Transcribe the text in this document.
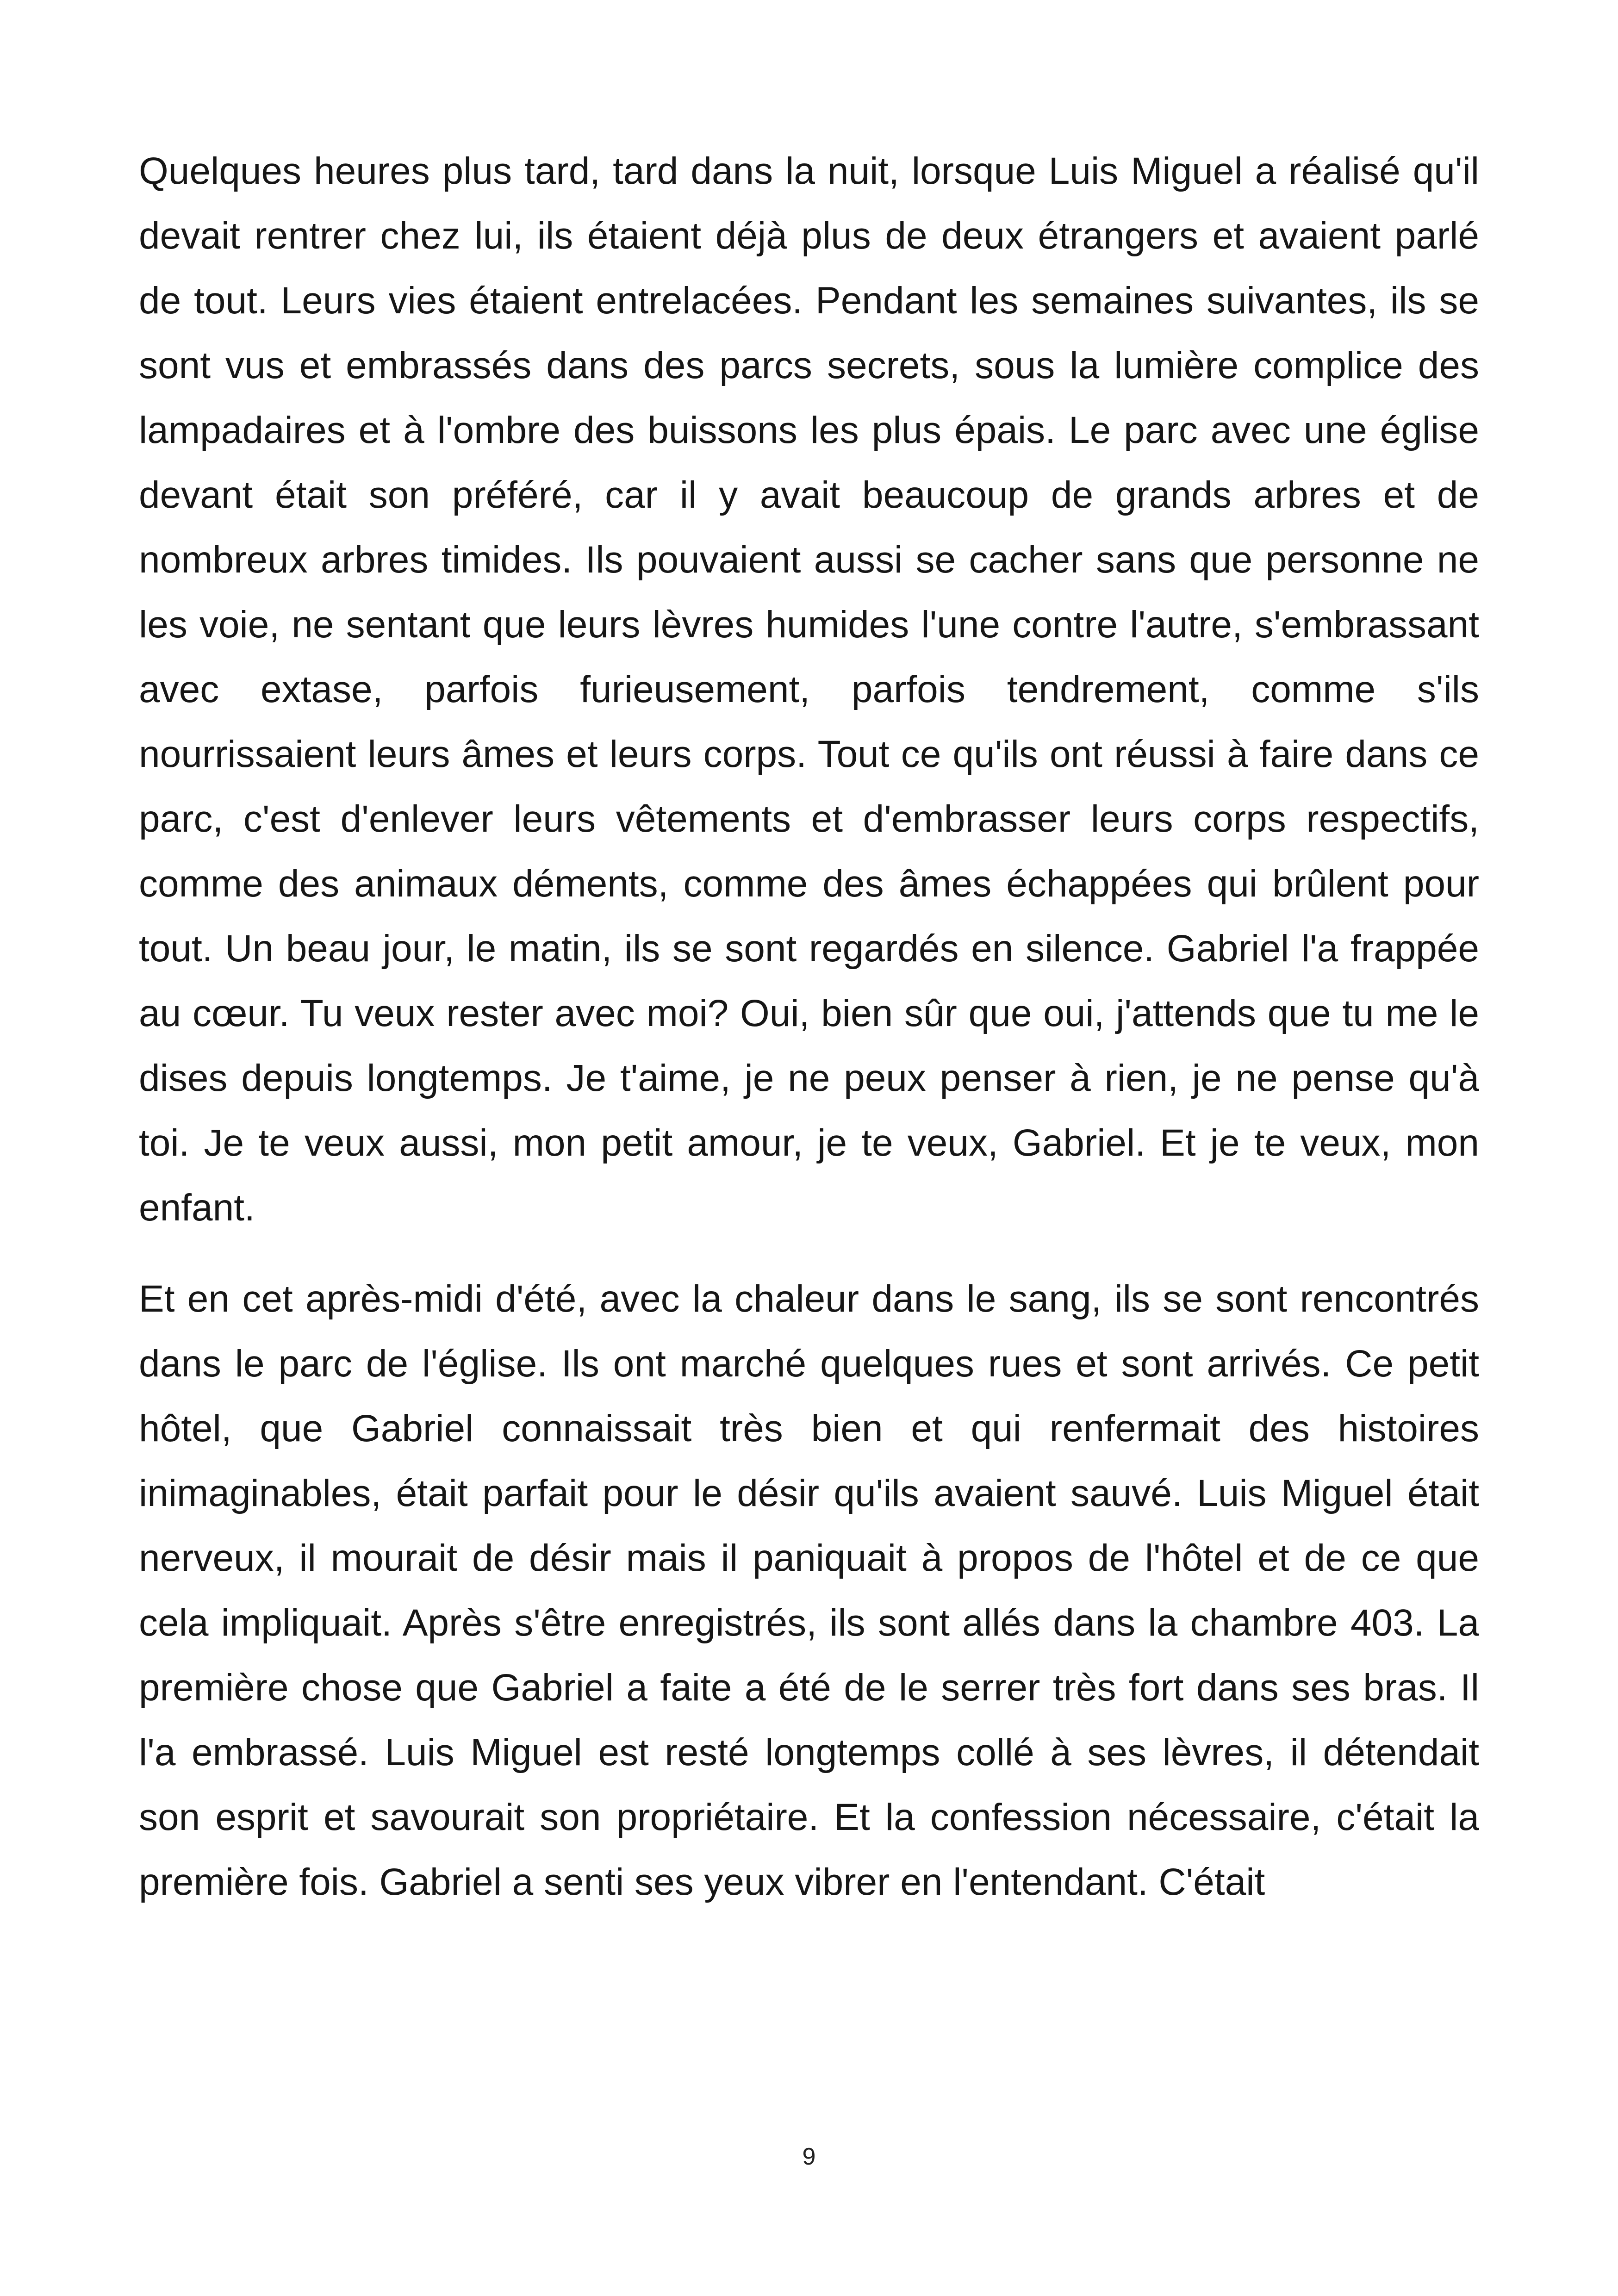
Quelques heures plus tard, tard dans la nuit, lorsque Luis Miguel a réalisé qu'il devait rentrer chez lui, ils étaient déjà plus de deux étrangers et avaient parlé de tout. Leurs vies étaient entrelacées. Pendant les semaines suivantes, ils se sont vus et embrassés dans des parcs secrets, sous la lumière complice des lampadaires et à l'ombre des buissons les plus épais. Le parc avec une église devant était son préféré, car il y avait beaucoup de grands arbres et de nombreux arbres timides. Ils pouvaient aussi se cacher sans que personne ne les voie, ne sentant que leurs lèvres humides l'une contre l'autre, s'embrassant avec extase, parfois furieusement, parfois tendrement, comme s'ils nourrissaient leurs âmes et leurs corps. Tout ce qu'ils ont réussi à faire dans ce parc, c'est d'enlever leurs vêtements et d'embrasser leurs corps respectifs, comme des animaux déments, comme des âmes échappées qui brûlent pour tout. Un beau jour, le matin, ils se sont regardés en silence. Gabriel l'a frappée au cœur. Tu veux rester avec moi? Oui, bien sûr que oui, j'attends que tu me le dises depuis longtemps. Je t'aime, je ne peux penser à rien, je ne pense qu'à toi. Je te veux aussi, mon petit amour, je te veux, Gabriel. Et je te veux, mon enfant.

Et en cet après-midi d'été, avec la chaleur dans le sang, ils se sont rencontrés dans le parc de l'église. Ils ont marché quelques rues et sont arrivés. Ce petit hôtel, que Gabriel connaissait très bien et qui renfermait des histoires inimaginables, était parfait pour le désir qu'ils avaient sauvé. Luis Miguel était nerveux, il mourait de désir mais il paniquait à propos de l'hôtel et de ce que cela impliquait. Après s'être enregistrés, ils sont allés dans la chambre 403. La première chose que Gabriel a faite a été de le serrer très fort dans ses bras. Il l'a embrassé. Luis Miguel est resté longtemps collé à ses lèvres, il détendait son esprit et savourait son propriétaire. Et la confession nécessaire, c'était la première fois. Gabriel a senti ses yeux vibrer en l'entendant. C'était

9
